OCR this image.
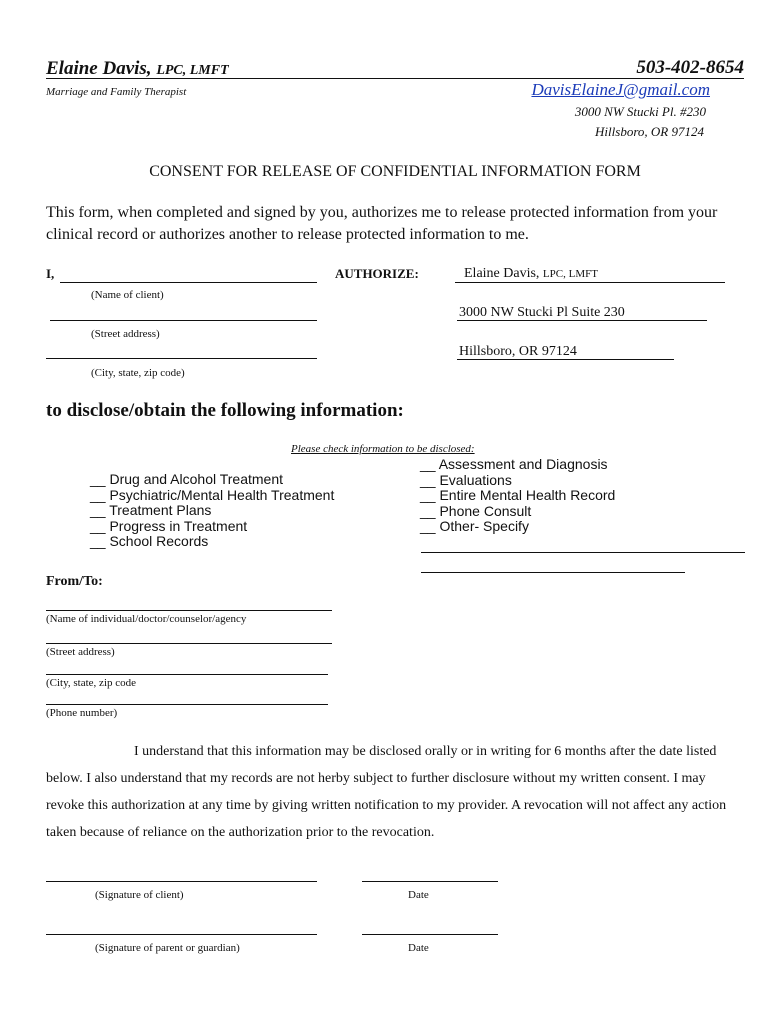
Elaine Davis, LPC, LMFT	503-402-8654
Marriage and Family Therapist	DavisElaineJ@gmail.com
3000 NW Stucki Pl. #230
Hillsboro, OR 97124
CONSENT FOR RELEASE OF CONFIDENTIAL INFORMATION FORM
This form, when completed and signed by you, authorizes me to release protected information from your clinical record or authorizes another to release protected information to me.
I,
(Name of client)
(Street address)
(City, state, zip code)
AUTHORIZE:	Elaine Davis, LPC, LMFT
3000 NW Stucki Pl Suite 230
Hillsboro, OR 97124
to disclose/obtain the following information:
Please check information to be disclosed:
__ Drug and Alcohol Treatment
__ Psychiatric/Mental Health Treatment
__ Treatment Plans
__ Progress in Treatment
__ School Records
__ Assessment and Diagnosis
__ Evaluations
__ Entire Mental Health Record
__ Phone Consult
__ Other- Specify
From/To:
(Name of individual/doctor/counselor/agency
(Street address)
(City, state, zip code
(Phone number)
I understand that this information may be disclosed orally or in writing for 6 months after the date listed below. I also understand that my records are not herby subject to further disclosure without my written consent. I may revoke this authorization at any time by giving written notification to my provider. A revocation will not affect any action taken because of reliance on the authorization prior to the revocation.
(Signature of client)	Date
(Signature of parent or guardian)	Date
